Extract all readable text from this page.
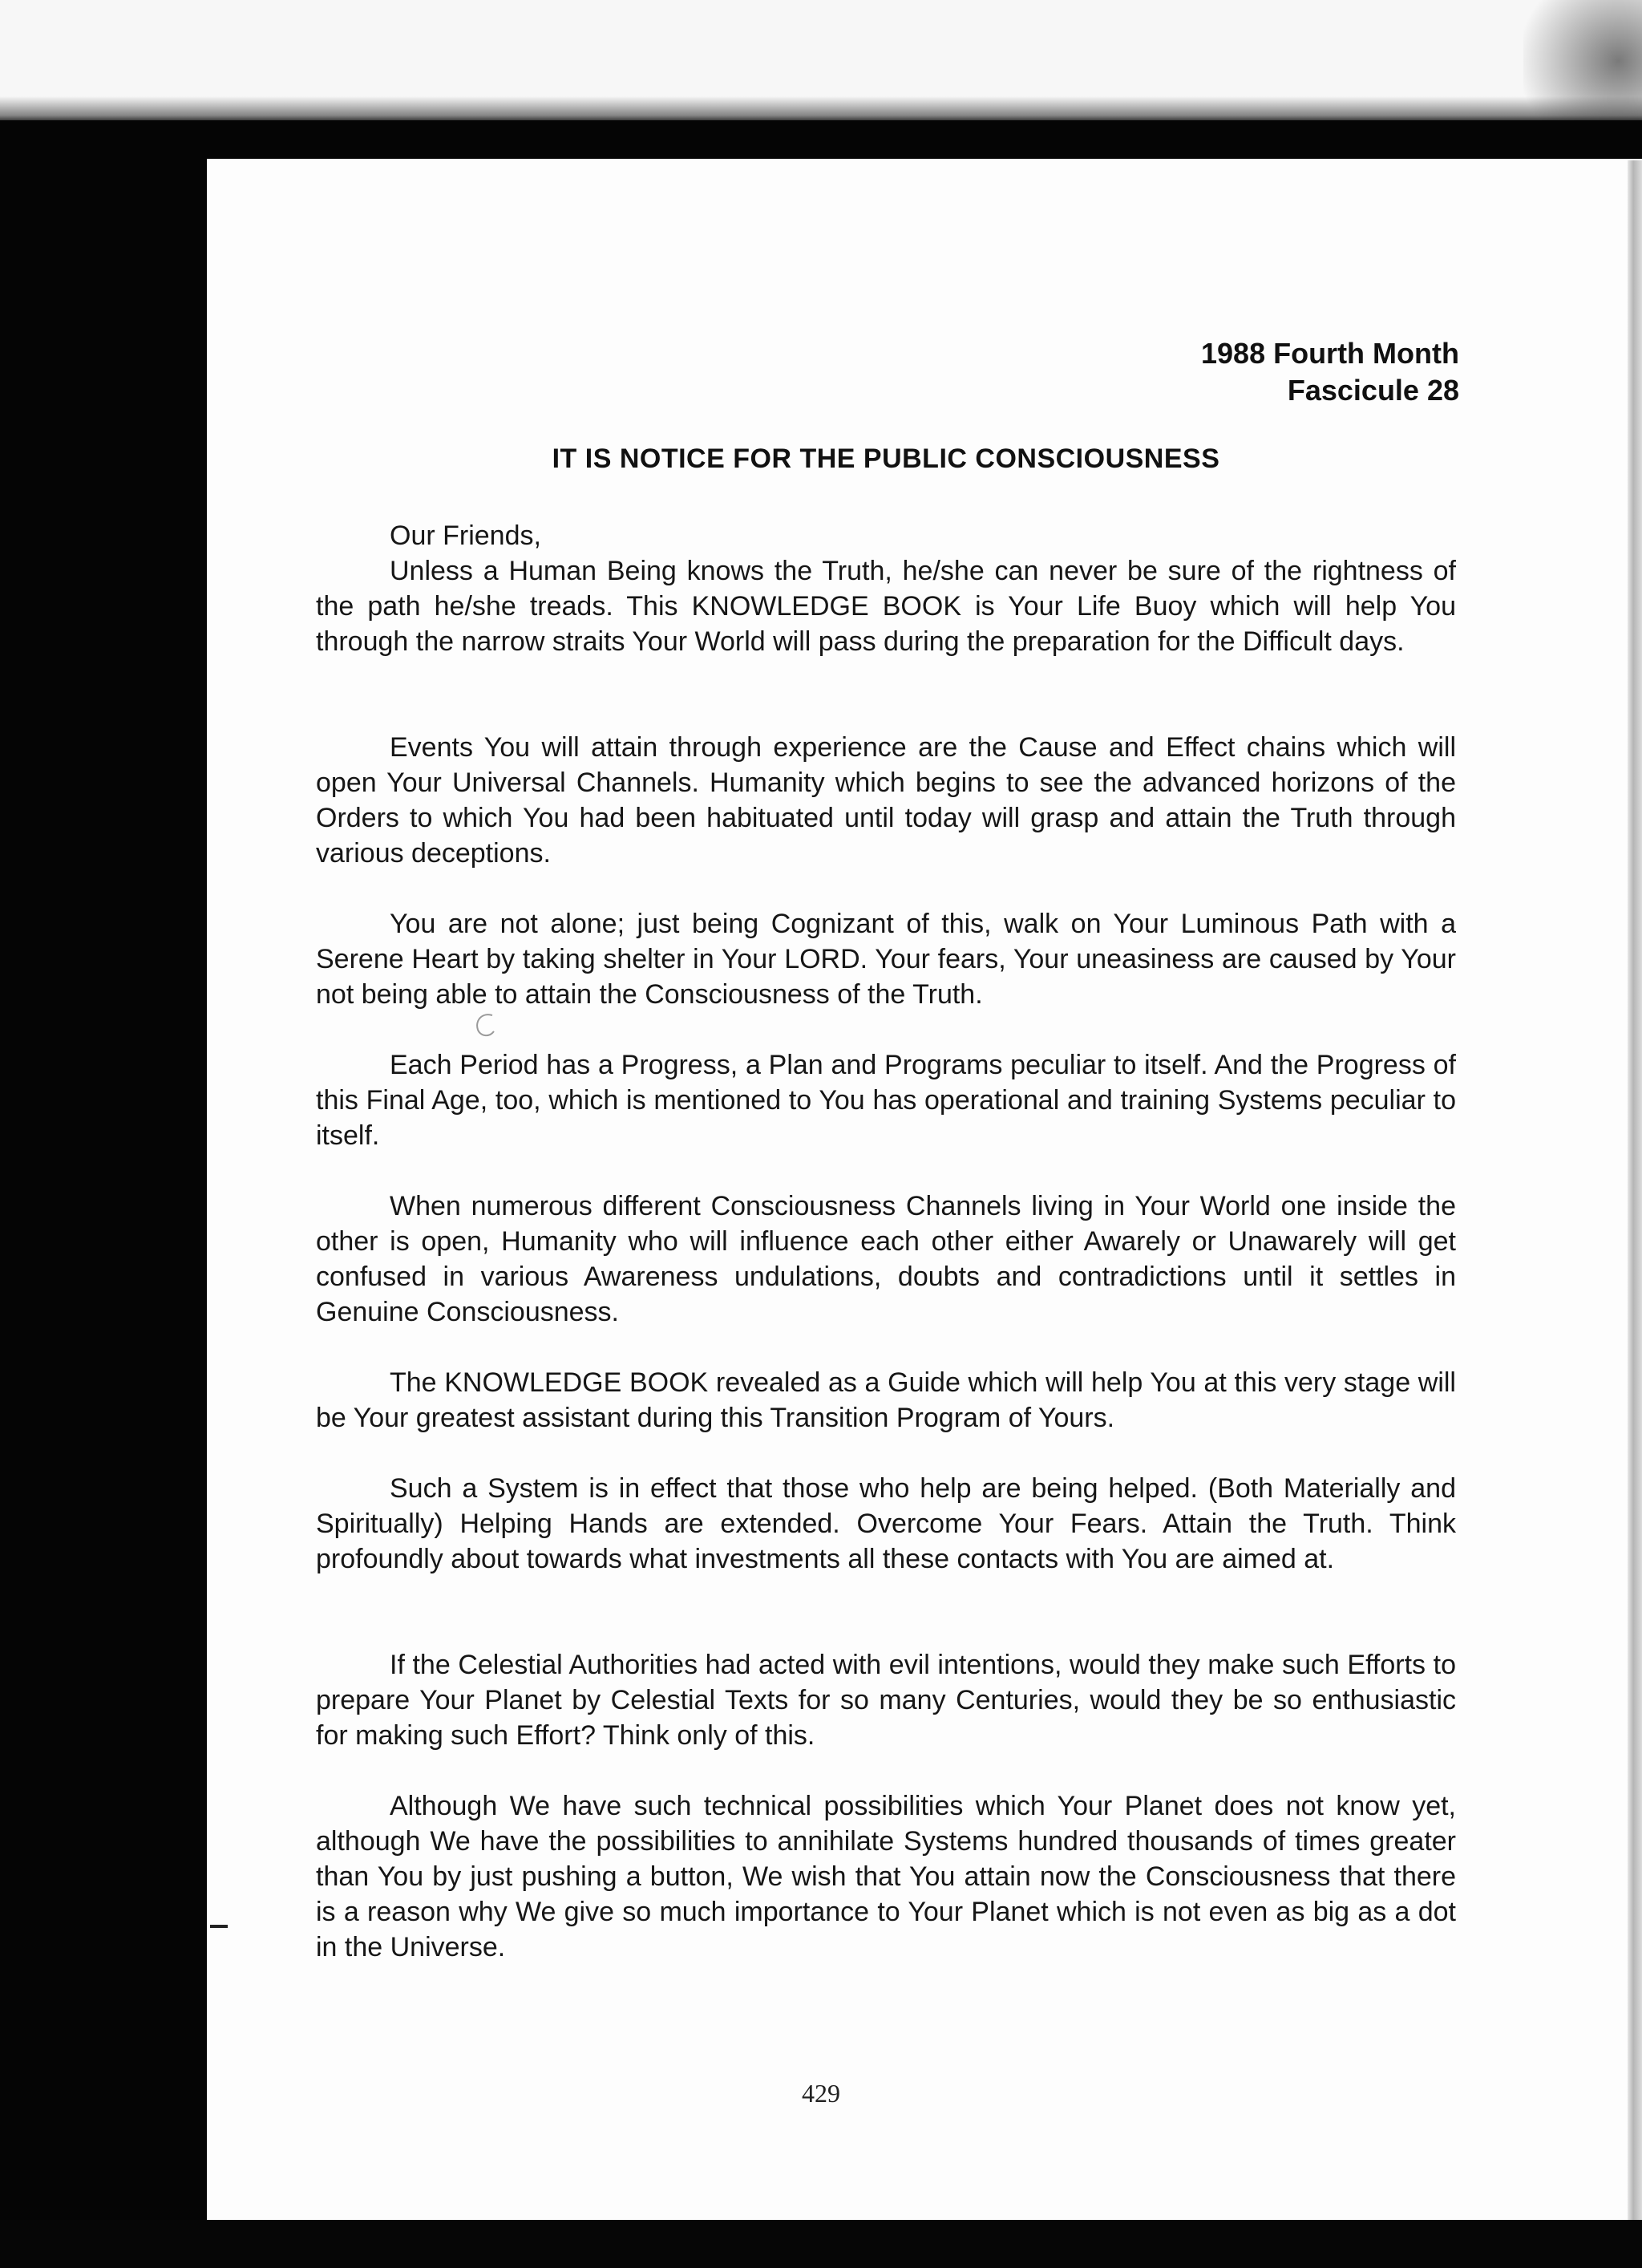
1988 Fourth Month
Fascicule 28
IT IS NOTICE FOR THE PUBLIC CONSCIOUSNESS
Our Friends,
Unless a Human Being knows the Truth, he/she can never be sure of the rightness of the path he/she treads. This KNOWLEDGE BOOK is Your Life Buoy which will help You through the narrow straits Your World will pass during the preparation for the Difficult days.
Events You will attain through experience are the Cause and Effect chains which will open Your Universal Channels. Humanity which begins to see the advanced horizons of the Orders to which You had been habituated until today will grasp and attain the Truth through various deceptions.
You are not alone; just being Cognizant of this, walk on Your Luminous Path with a Serene Heart by taking shelter in Your LORD. Your fears, Your uneasiness are caused by Your not being able to attain the Consciousness of the Truth.
Each Period has a Progress, a Plan and Programs peculiar to itself. And the Progress of this Final Age, too, which is mentioned to You has operational and training Systems peculiar to itself.
When numerous different Consciousness Channels living in Your World one inside the other is open, Humanity who will influence each other either Awarely or Unawarely will get confused in various Awareness undulations, doubts and contradictions until it settles in Genuine Consciousness.
The KNOWLEDGE BOOK revealed as a Guide which will help You at this very stage will be Your greatest assistant during this Transition Program of Yours.
Such a System is in effect that those who help are being helped. (Both Materially and Spiritually) Helping Hands are extended. Overcome Your Fears. Attain the Truth. Think profoundly about towards what investments all these contacts with You are aimed at.
If the Celestial Authorities had acted with evil intentions, would they make such Efforts to prepare Your Planet by Celestial Texts for so many Centuries, would they be so enthusiastic for making such Effort? Think only of this.
Although We have such technical possibilities which Your Planet does not know yet, although We have the possibilities to annihilate Systems hundred thousands of times greater than You by just pushing a button, We wish that You attain now the Consciousness that there is a reason why We give so much importance to Your Planet which is not even as big as a dot in the Universe.
429
